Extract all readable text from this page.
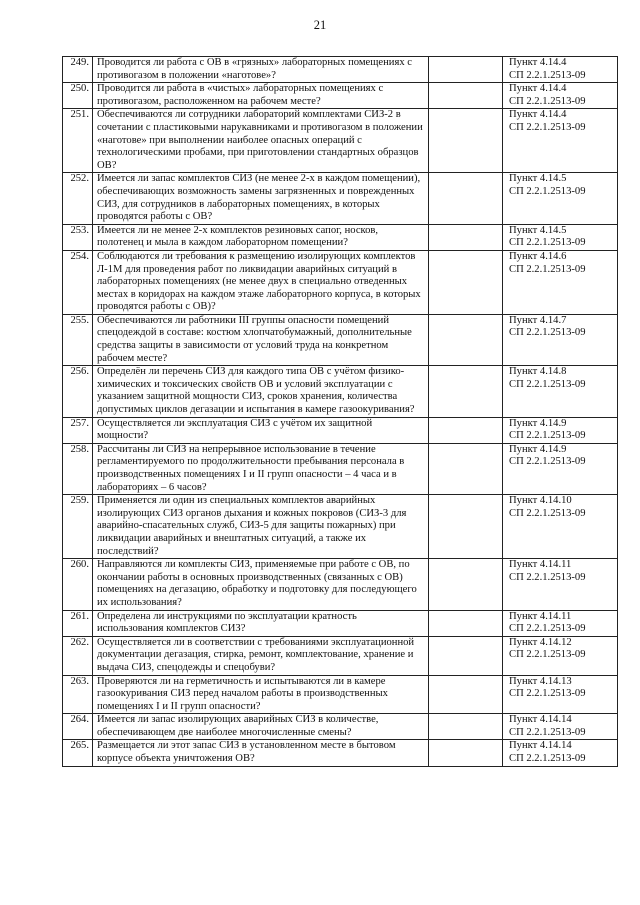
21
249.	Проводится ли работа с ОВ в «грязных» лабораторных помещениях с противогазом в положении «наготове»?		Пункт 4.14.4
СП 2.2.1.2513-09

250.	Проводится ли работа в «чистых» лабораторных помещениях с противогазом, расположенном на рабочем месте?		Пункт 4.14.4
СП 2.2.1.2513-09

251.	Обеспечиваются ли сотрудники лабораторий комплектами СИЗ-2 в сочетании с пластиковыми нарукавниками и противогазом в положении «наготове» при выполнении наиболее опасных операций с технологическими пробами, при приготовлении стандартных образцов ОВ?		Пункт 4.14.4
СП 2.2.1.2513-09

252.	Имеется ли запас комплектов СИЗ (не менее 2-х в каждом помещении), обеспечивающих возможность замены загрязненных и поврежденных СИЗ, для сотрудников в лабораторных помещениях, в которых проводятся работы с ОВ?		Пункт 4.14.5
СП 2.2.1.2513-09

253.	Имеется ли не менее 2-х комплектов резиновых сапог, носков, полотенец и мыла в каждом лабораторном помещении?		Пункт 4.14.5
СП 2.2.1.2513-09

254.	Соблюдаются ли требования к размещению изолирующих комплектов Л-1М для проведения работ по ликвидации аварийных ситуаций в лабораторных помещениях (не менее двух в специально отведенных местах в коридорах на каждом этаже лабораторного корпуса, в которых проводятся работы с ОВ)?		Пункт 4.14.6
СП 2.2.1.2513-09

255.	Обеспечиваются ли работники III группы опасности помещений спецодеждой в составе: костюм хлопчатобумажный, дополнительные средства защиты в зависимости от условий труда на конкретном рабочем месте?		Пункт 4.14.7
СП 2.2.1.2513-09

256.	Определён ли перечень СИЗ для каждого типа ОВ с учётом физико-химических и токсических свойств ОВ и условий эксплуатации с указанием защитной мощности СИЗ, сроков хранения, количества допустимых циклов дегазации и испытания в камере газоокуривания?		Пункт 4.14.8
СП 2.2.1.2513-09

257.	Осуществляется ли эксплуатация СИЗ с учётом их защитной мощности?		Пункт 4.14.9
СП 2.2.1.2513-09

258.	Рассчитаны ли СИЗ на непрерывное использование в течение регламентируемого по продолжительности пребывания персонала в производственных помещениях I и II групп опасности – 4 часа и в лабораториях – 6 часов?		Пункт 4.14.9
СП 2.2.1.2513-09

259.	Применяется ли один из специальных комплектов аварийных изолирующих СИЗ органов дыхания и кожных покровов (СИЗ-3 для аварийно-спасательных служб, СИЗ-5 для защиты пожарных) при ликвидации аварийных и внештатных ситуаций, а также их последствий?		Пункт 4.14.10
СП 2.2.1.2513-09

260.	Направляются ли комплекты СИЗ, применяемые при работе с ОВ, по окончании работы в основных производственных (связанных с ОВ) помещениях на дегазацию, обработку и подготовку для последующего их использования?		Пункт 4.14.11
СП 2.2.1.2513-09

261.	Определена ли инструкциями по эксплуатации кратность использования комплектов СИЗ?		Пункт 4.14.11
СП 2.2.1.2513-09

262.	Осуществляется ли в соответствии с требованиями эксплуатационной документации дегазация, стирка, ремонт, комплектование, хранение и выдача СИЗ, спецодежды и спецобуви?		Пункт 4.14.12
СП 2.2.1.2513-09

263.	Проверяются ли на герметичность и испытываются ли в камере газоокуривания СИЗ перед началом работы в производственных помещениях I и II групп опасности?		Пункт 4.14.13
СП 2.2.1.2513-09

264.	Имеется ли запас изолирующих аварийных СИЗ в количестве, обеспечивающем две наиболее многочисленные смены?		Пункт 4.14.14
СП 2.2.1.2513-09

265.	Размещается ли этот запас СИЗ в установленном месте в бытовом корпусе объекта уничтожения ОВ?		Пункт 4.14.14
СП 2.2.1.2513-09
